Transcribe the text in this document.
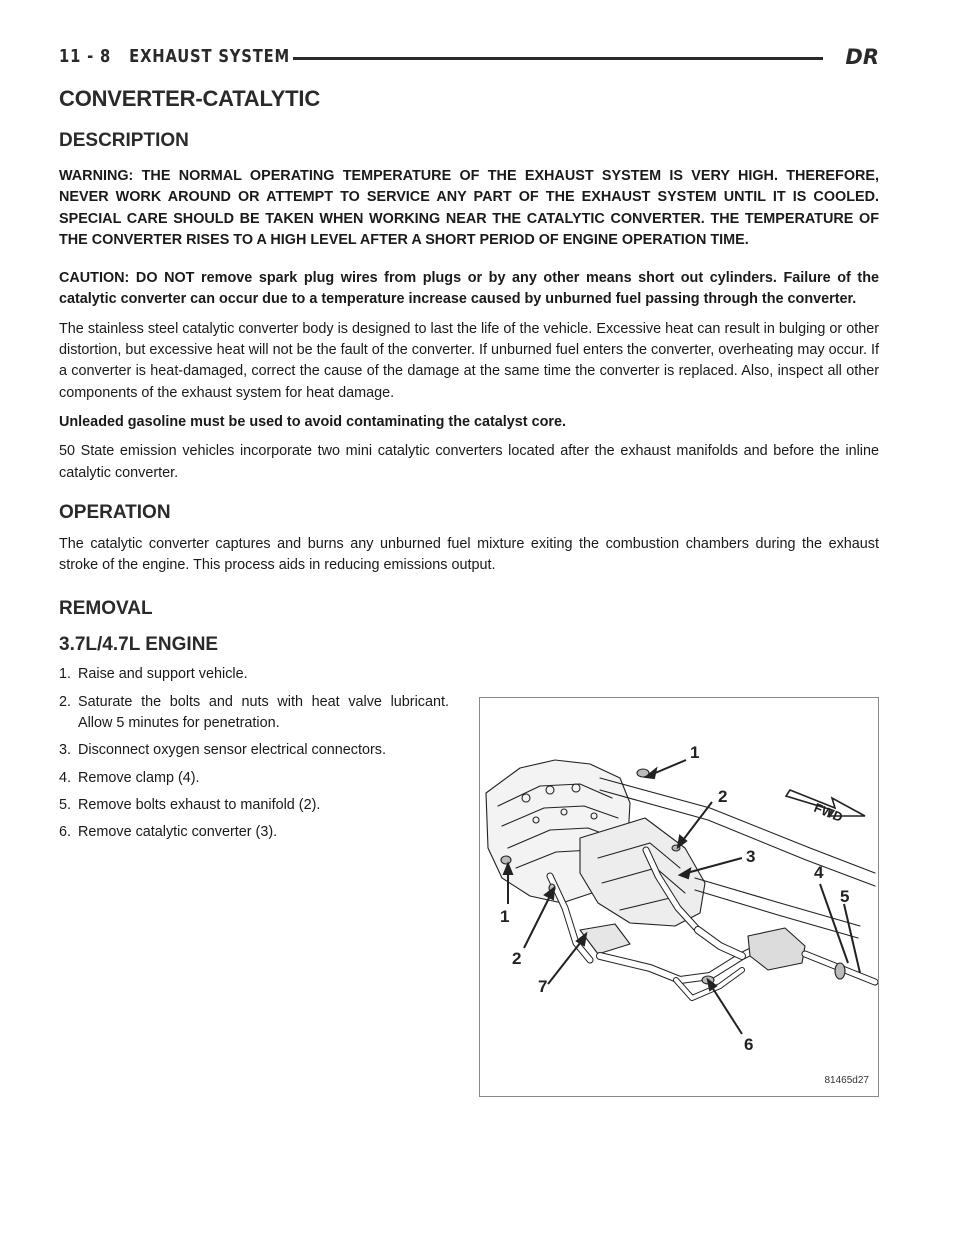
11 - 8 EXHAUST SYSTEM	DR
CONVERTER-CATALYTIC
DESCRIPTION

WARNING: THE NORMAL OPERATING TEMPERATURE OF THE EXHAUST SYSTEM IS VERY HIGH. THEREFORE, NEVER WORK AROUND OR ATTEMPT TO SERVICE ANY PART OF THE EXHAUST SYSTEM UNTIL IT IS COOLED. SPECIAL CARE SHOULD BE TAKEN WHEN WORKING NEAR THE CATALYTIC CONVERTER. THE TEMPERATURE OF THE CONVERTER RISES TO A HIGH LEVEL AFTER A SHORT PERIOD OF ENGINE OPERATION TIME.

CAUTION: DO NOT remove spark plug wires from plugs or by any other means short out cylinders. Failure of the catalytic converter can occur due to a temperature increase caused by unburned fuel passing through the converter.

The stainless steel catalytic converter body is designed to last the life of the vehicle. Excessive heat can result in bulging or other distortion, but excessive heat will not be the fault of the converter. If unburned fuel enters the converter, overheating may occur. If a converter is heat-damaged, correct the cause of the damage at the same time the converter is replaced. Also, inspect all other components of the exhaust system for heat damage.

Unleaded gasoline must be used to avoid contaminating the catalyst core.

50 State emission vehicles incorporate two mini catalytic converters located after the exhaust manifolds and before the inline catalytic converter.

OPERATION

The catalytic converter captures and burns any unburned fuel mixture exiting the combustion chambers during the exhaust stroke of the engine. This process aids in reducing emissions output.

REMOVAL
3.7L/4.7L ENGINE
1. Raise and support vehicle.
2. Saturate the bolts and nuts with heat valve lubricant. Allow 5 minutes for penetration.
3. Disconnect oxygen sensor electrical connectors.
4. Remove clamp (4).
5. Remove bolts exhaust to manifold (2).
6. Remove catalytic converter (3).
FWD
1
2
3
4
5
1
2
7
6
81465d27
